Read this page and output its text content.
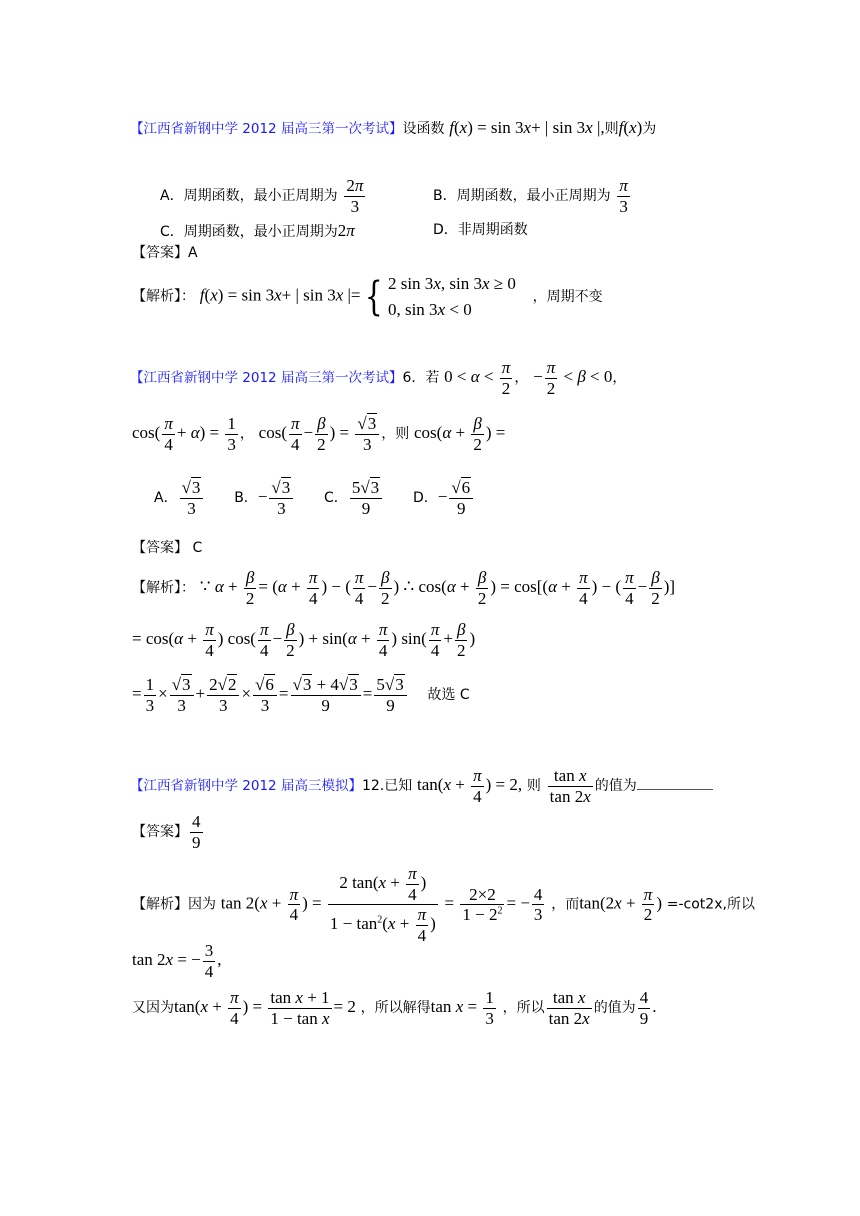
【江西省新钢中学 2012 届高三第一次考试】设函数 f(x) = sin 3x+ | sin 3x |,则f(x)为
A．周期函数，最小正周期为 $\frac{2\pi}{3}$	B．周期函数，最小正周期为 $\frac{\pi}{3}$
C．周期函数，最小正周期为2π	D．非周期函数
【答案】A
【解析】： f(x) = sin 3x+ | sin 3x |={ 2 sin 3x, sin 3x ≥ 0
0, sin 3x < 0
，周期不变
【江西省新钢中学 2012 届高三第一次考试】6．若 $0 < \alpha < \frac{\pi}{2}$ ， − $\frac{\pi}{2} < \beta < 0$，
$\cos( \frac{\pi}{4} + \alpha) = \frac{1}{3}$ ， $\cos( \frac{\pi}{4} - \frac{\beta}{2}$ ) = $\frac{√3}{3}$ ，则 $\cos(\alpha + \frac{\beta}{2}$ ) =
A． $\frac{√3}{3}$ B．− $\frac{√3}{3}$ C． $\frac{5√3}{9}$ D．− $\frac{√6}{9}$
【答案】 C
【解析】： ∵ $\alpha + \frac{\beta}{2} = (\alpha + \frac{\pi}{4}$ ) − ( $\frac{\pi}{4} - \frac{\beta}{2}$ ) ∴ $\cos(\alpha + \frac{\beta}{2}$ ) = $\cos[(\alpha + \frac{\pi}{4}$ ) − ( $\frac{\pi}{4} - \frac{\beta}{2}$ )]
= $\cos(\alpha + \frac{\pi}{4}$ ) $\cos( \frac{\pi}{4} - \frac{\beta}{2}$ ) + $\sin(\alpha + \frac{\pi}{4}$ ) $\sin( \frac{\pi}{4} + \frac{\beta}{2}$ )
= $\frac{1}{3} \times \frac{√3}{3} + \frac{2√2}{3} \times \frac{√6}{3} = \frac{√3 + 4√3}{9} = \frac{5√3}{9}$ 故选 C
【江西省新钢中学 2012 届高三模拟】12.已知 $\tan(x + \frac{\pi}{4}$ ) = 2, 则 $\frac{\text{tan x}}{\tan 2x}$ 的值为
【答案】 $\frac{4}{9}$
【解析】因为 $\tan 2(x + \frac{\pi}{4}$ ) = $\frac{2 \tan(x + \frac{\pi}{4} )}{1 - \tan^2(x + \frac{\pi}{4} )} = \frac{2\times 2}{1 - 2^2}$ = − $\frac{4}{3}$ ，而$\tan(2x + \frac{\pi}{2}$ ) =-cot2x,所以
tan 2x = − $\frac{3}{4}$ ,
又因为$\tan(x + \frac{\pi}{4}$ ) = $\frac{\text{tan x + 1}}{\text{1 − tan x}} = 2$ ，所以解得$\tan x = \frac{1}{3}$ ，所以 $\frac{\text{tan x}}{\tan 2x}$ 的值为 $\frac{4}{9}$ .
